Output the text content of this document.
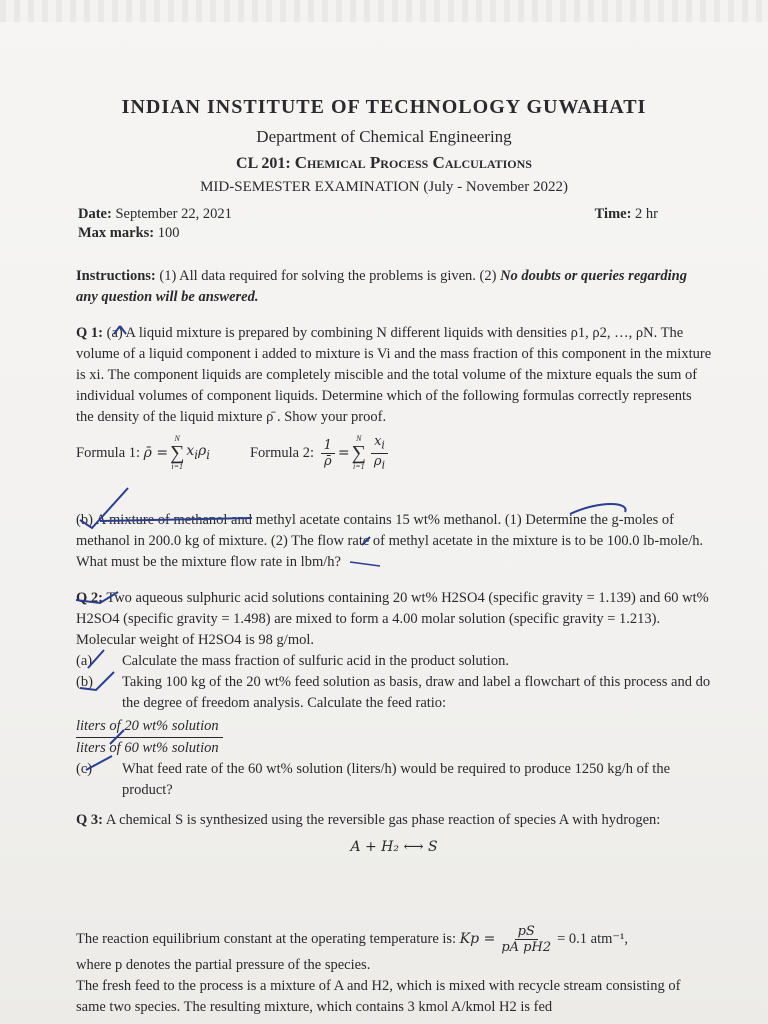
INDIAN INSTITUTE OF TECHNOLOGY GUWAHATI

Department of Chemical Engineering

CL 201: Chemical Process Calculations

MID-SEMESTER EXAMINATION (July - November 2022)

Date: September 22, 2021	Time: 2 hr
Max marks: 100

Instructions: (1) All data required for solving the problems is given. (2) No doubts or queries regarding any question will be answered.

Q 1: (a) A liquid mixture is prepared by combining N different liquids with densities ρ1, ρ2, …, ρN. The volume of a liquid component i added to mixture is Vi and the mass fraction of this component in the mixture is xi. The component liquids are completely miscible and the total volume of the mixture equals the sum of individual volumes of component liquids. Determine which of the following formulas correctly represents the density of the liquid mixture ρ̄ . Show your proof.

Formula 1:
ρ̄ =
N
∑
i=1
$x_i\rho_i$	Formula 2:
$\frac{1}{\rhō}$ =
N
∑
$i=1 \frac{x_i}{\rho_i}$

(b) A mixture of methanol and methyl acetate contains 15 wt% methanol. (1) Determine the g-moles of methanol in 200.0 kg of mixture. (2) The flow rate of methyl acetate in the mixture is to be 100.0 lb-mole/h. What must be the mixture flow rate in lbm/h?

Q 2: Two aqueous sulphuric acid solutions containing 20 wt% H2SO4 (specific gravity = 1.139) and 60 wt% H2SO4 (specific gravity = 1.498) are mixed to form a 4.00 molar solution (specific gravity = 1.213). Molecular weight of H2SO4 is 98 g/mol.

(a)	Calculate the mass fraction of sulfuric acid in the product solution.
(b)	Taking 100 kg of the 20 wt% feed solution as basis, draw and label a flowchart of this process and do the degree of freedom analysis. Calculate the feed ratio:
liters of 20 wt% solution
liters of 60 wt% solution
(c)	What feed rate of the 60 wt% solution (liters/h) would be required to produce 1250 kg/h of the product?

Q 3: A chemical S is synthesized using the reversible gas phase reaction of species A with hydrogen:

A + H₂ ⟷ S

The reaction equilibrium constant at the operating temperature is:
$Kp = \frac{pS}{\text{pA pH2}} = 0.1$ atm⁻¹,

where p denotes the partial pressure of the species.

The fresh feed to the process is a mixture of A and H2, which is mixed with recycle stream consisting of same two species. The resulting mixture, which contains 3 kmol A/kmol H2 is fed
